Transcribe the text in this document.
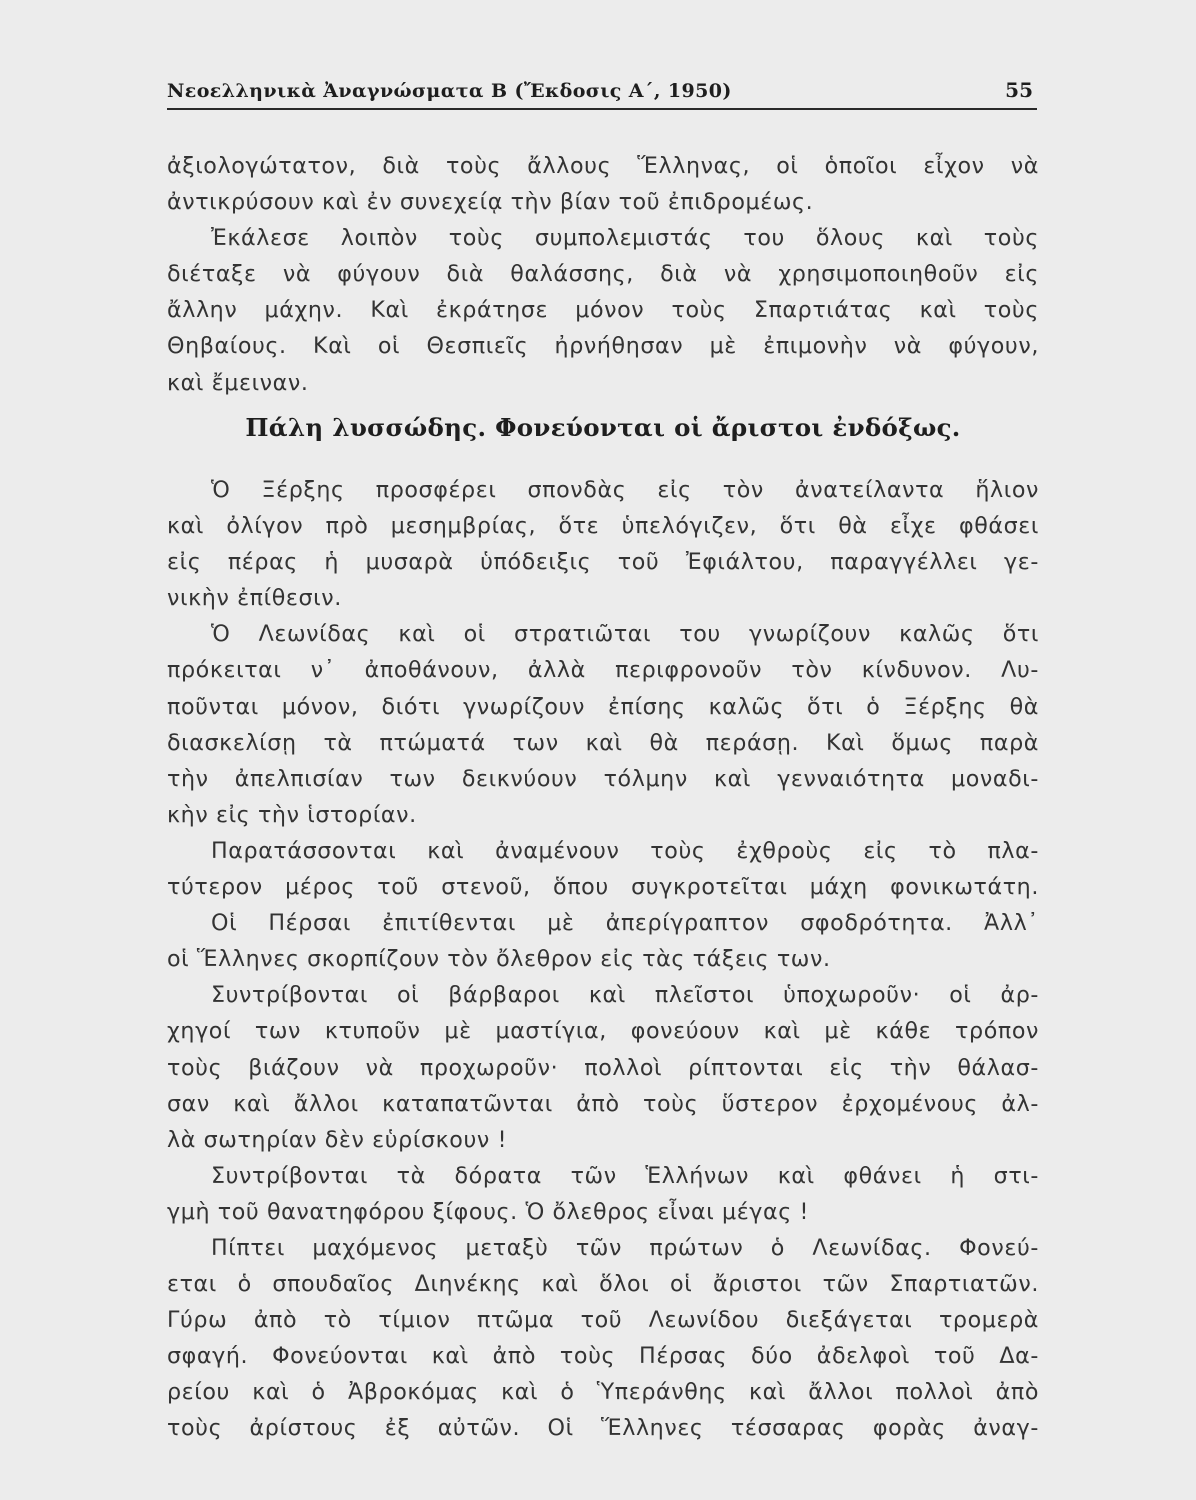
Νεοελληνικὰ Ἀναγνώσματα Β (Ἔκδοσις Α΄, 1950)	55
ἀξιολογώτατον, διὰ τοὺς ἄλλους Ἕλληνας, οἱ ὁποῖοι εἶχον νὰ
ἀντικρύσουν καὶ ἐν συνεχείᾳ τὴν βίαν τοῦ ἐπιδρομέως.
Ἐκάλεσε λοιπὸν τοὺς συμπολεμιστάς του ὅλους καὶ τοὺς
διέταξε νὰ φύγουν διὰ θαλάσσης, διὰ νὰ χρησιμοποιηθοῦν εἰς
ἄλλην μάχην. Καὶ ἐκράτησε μόνον τοὺς Σπαρτιάτας καὶ τοὺς
Θηβαίους. Καὶ οἱ Θεσπιεῖς ἠρνήθησαν μὲ ἐπιμονὴν νὰ φύγουν,
καὶ ἔμειναν.
Πάλη λυσσώδης. Φονεύονται οἱ ἄριστοι ἐνδόξως.
Ὁ Ξέρξης προσφέρει σπονδὰς εἰς τὸν ἀνατείλαντα ἥλιον
καὶ ὀλίγον πρὸ μεσημβρίας, ὅτε ὑπελόγιζεν, ὅτι θὰ εἶχε φθάσει
εἰς πέρας ἡ μυσαρὰ ὑπόδειξις τοῦ Ἐφιάλτου, παραγγέλλει γε-
νικὴν ἐπίθεσιν.
Ὁ Λεωνίδας καὶ οἱ στρατιῶται του γνωρίζουν καλῶς ὅτι
πρόκειται ν᾽ ἀποθάνουν, ἀλλὰ περιφρονοῦν τὸν κίνδυνον. Λυ-
ποῦνται μόνον, διότι γνωρίζουν ἐπίσης καλῶς ὅτι ὁ Ξέρξης θὰ
διασκελίσῃ τὰ πτώματά των καὶ θὰ περάσῃ. Καὶ ὅμως παρὰ
τὴν ἀπελπισίαν των δεικνύουν τόλμην καὶ γενναιότητα μοναδι-
κὴν εἰς τὴν ἱστορίαν.
Παρατάσσονται καὶ ἀναμένουν τοὺς ἐχθροὺς εἰς τὸ πλα-
τύτερον μέρος τοῦ στενοῦ, ὅπου συγκροτεῖται μάχη φονικωτάτη.
Οἱ Πέρσαι ἐπιτίθενται μὲ ἀπερίγραπτον σφοδρότητα. Ἀλλ᾽
οἱ Ἕλληνες σκορπίζουν τὸν ὄλεθρον εἰς τὰς τάξεις των.
Συντρίβονται οἱ βάρβαροι καὶ πλεῖστοι ὑποχωροῦν· οἱ ἀρ-
χηγοί των κτυποῦν μὲ μαστίγια, φονεύουν καὶ μὲ κάθε τρόπον
τοὺς βιάζουν νὰ προχωροῦν· πολλοὶ ρίπτονται εἰς τὴν θάλασ-
σαν καὶ ἄλλοι καταπατῶνται ἀπὸ τοὺς ὕστερον ἐρχομένους ἀλ-
λὰ σωτηρίαν δὲν εὑρίσκουν !
Συντρίβονται τὰ δόρατα τῶν Ἑλλήνων καὶ φθάνει ἡ στι-
γμὴ τοῦ θανατηφόρου ξίφους. Ὁ ὄλεθρος εἶναι μέγας !
Πίπτει μαχόμενος μεταξὺ τῶν πρώτων ὁ Λεωνίδας. Φονεύ-
εται ὁ σπουδαῖος Διηνέκης καὶ ὅλοι οἱ ἄριστοι τῶν Σπαρτιατῶν.
Γύρω ἀπὸ τὸ τίμιον πτῶμα τοῦ Λεωνίδου διεξάγεται τρομερὰ
σφαγή. Φονεύονται καὶ ἀπὸ τοὺς Πέρσας δύο ἀδελφοὶ τοῦ Δα-
ρείου καὶ ὁ Ἀβροκόμας καὶ ὁ Ὑπεράνθης καὶ ἄλλοι πολλοὶ ἀπὸ
τοὺς ἀρίστους ἐξ αὐτῶν. Οἱ Ἕλληνες τέσσαρας φορὰς ἀναγ-
